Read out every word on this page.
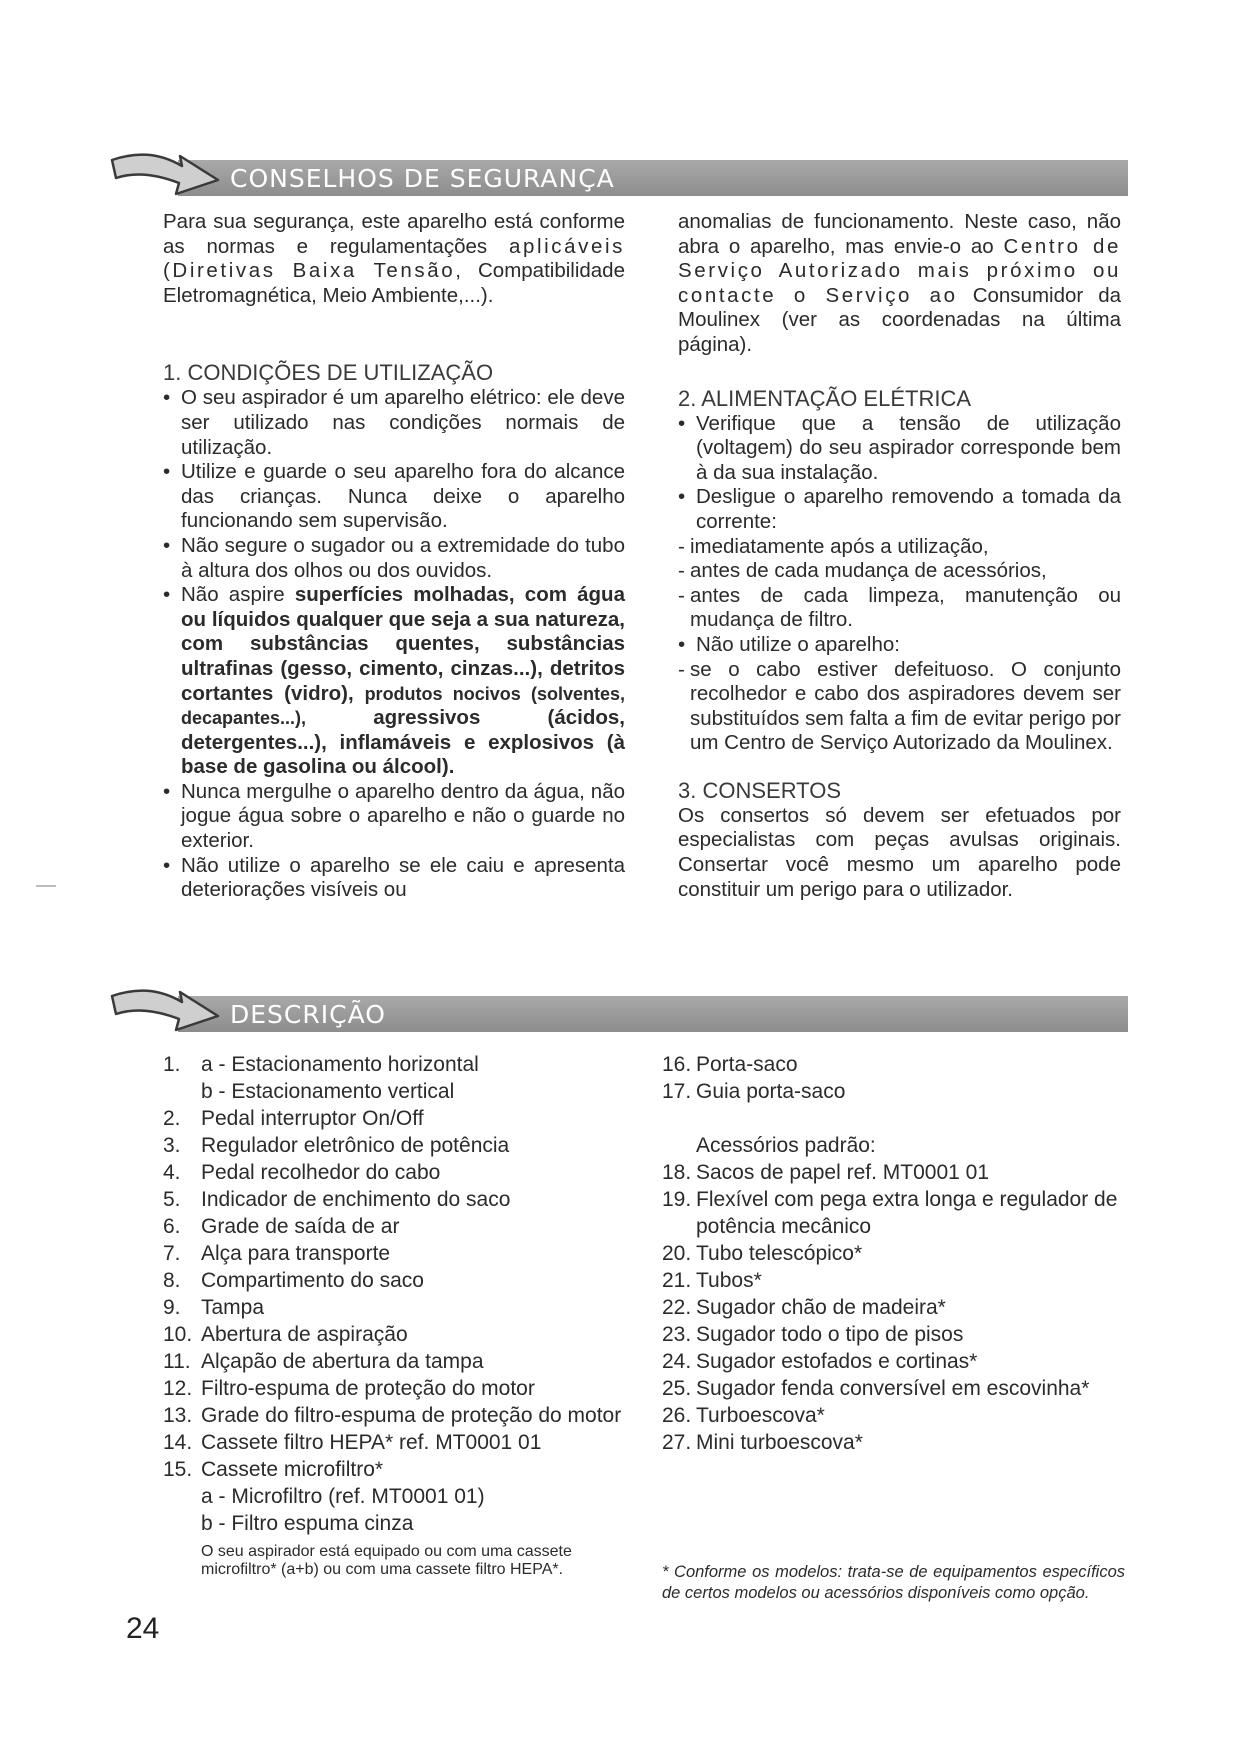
CONSELHOS DE SEGURANÇA

Para sua segurança, este aparelho está conforme as normas e regulamentações aplicáveis (Diretivas Baixa Tensão, Compatibilidade Eletromagnética, Meio Ambiente,...).

1. CONDIÇÕES DE UTILIZAÇÃO

• O seu aspirador é um aparelho elétrico: ele deve ser utilizado nas condições normais de utilização.
• Utilize e guarde o seu aparelho fora do alcance das crianças. Nunca deixe o aparelho funcionando sem supervisão.
• Não segure o sugador ou a extremidade do tubo à altura dos olhos ou dos ouvidos.
• Não aspire superfícies molhadas, com água ou líquidos qualquer que seja a sua natureza, com substâncias quentes, substâncias ultrafinas (gesso, cimento, cinzas...), detritos cortantes (vidro), produtos nocivos (solventes, decapantes...),	agressivos (ácidos, detergentes...), inflamáveis e explosivos (à base de gasolina ou álcool).
• Nunca mergulhe o aparelho dentro da água, não jogue água sobre o aparelho e não o guarde no exterior.
• Não utilize o aparelho se ele caiu e apresenta deteriorações visíveis ou

anomalias de funcionamento. Neste caso, não abra o aparelho, mas envie-o ao Centro de Serviço Autorizado mais próximo ou contacte o Serviço ao Consumidor da Moulinex (ver as coordenadas na última página).

2. ALIMENTAÇÃO ELÉTRICA

• Verifique que a tensão de utilização (voltagem) do seu aspirador corresponde bem à da sua instalação.
• Desligue o aparelho removendo a tomada da corrente:
- imediatamente após a utilização,
- antes de cada mudança de acessórios,
- antes de cada limpeza, manutenção ou mudança de filtro.
• Não utilize o aparelho:
- se o cabo estiver defeituoso. O conjunto recolhedor e cabo dos aspiradores devem ser substituídos sem falta a fim de evitar perigo por um Centro de Serviço Autorizado da Moulinex.

3. CONSERTOS

Os consertos só devem ser efetuados por especialistas com peças avulsas originais. Consertar você mesmo um aparelho pode constituir um perigo para o utilizador.

DESCRIÇÃO
1. a - Estacionamento horizontal
b - Estacionamento vertical
2. Pedal interruptor On/Off
3. Regulador eletrônico de potência
4. Pedal recolhedor do cabo
5. Indicador de enchimento do saco
6. Grade de saída de ar
7. Alça para transporte
8. Compartimento do saco
9. Tampa
10. Abertura de aspiração
11. Alçapão de abertura da tampa
12. Filtro-espuma de proteção do motor
13. Grade do filtro-espuma de proteção do motor
14. Cassete filtro HEPA* ref. MT0001 01
15. Cassete microfiltro*
a - Microfiltro (ref. MT0001 01)
b - Filtro espuma cinza
O seu aspirador está equipado ou com uma cassete microfiltro* (a+b) ou com uma cassete filtro HEPA*.
16. Porta-saco
17. Guia porta-saco
Acessórios padrão:
18. Sacos de papel ref. MT0001 01
19. Flexível com pega extra longa e regulador de potência mecânico
20. Tubo telescópico*
21. Tubos*
22. Sugador chão de madeira*
23. Sugador todo o tipo de pisos
24. Sugador estofados e cortinas*
25. Sugador fenda conversível em escovinha*
26. Turboescova*
27. Mini turboescova*
* Conforme os modelos: trata-se de equipamentos específicos de certos modelos ou acessórios disponíveis como opção.
24
